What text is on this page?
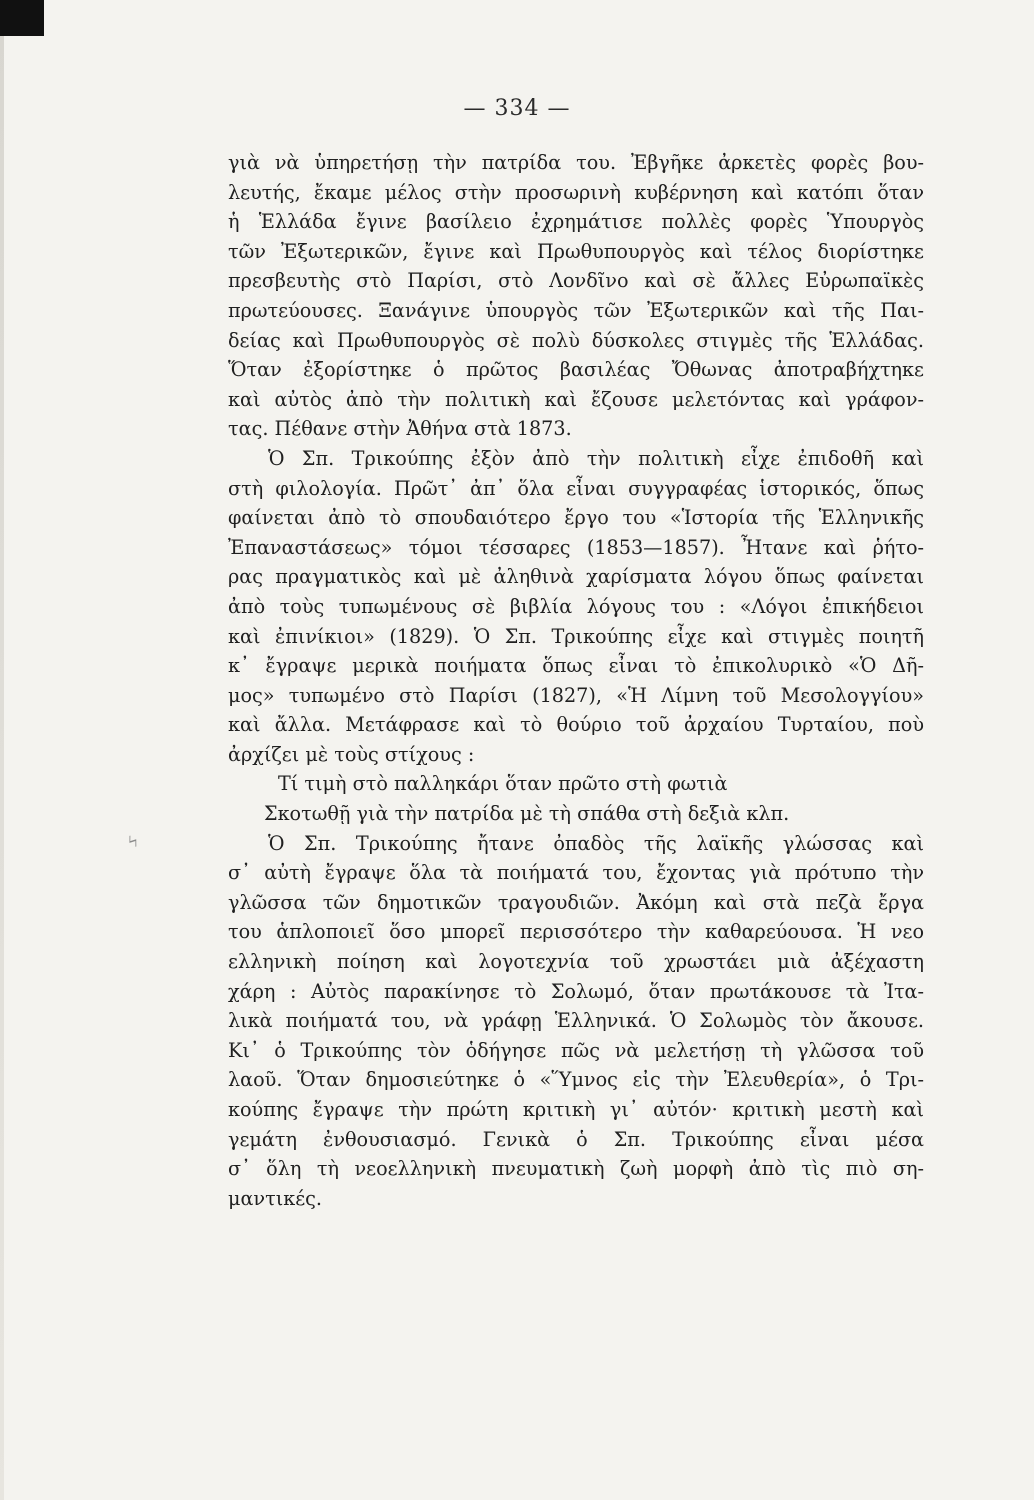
— 334 —
γιὰ νὰ ὑπηρετήσῃ τὴν πατρίδα του. Ἐβγῆκε ἀρκετὲς φορὲς βου-
λευτής, ἔκαμε μέλος στὴν προσωρινὴ κυβέρνηση καὶ κατόπι ὅταν
ἡ Ἑλλάδα ἔγινε βασίλειο ἐχρημάτισε πολλὲς φορὲς Ὑπουργὸς
τῶν Ἐξωτερικῶν, ἔγινε καὶ Πρωθυπουργὸς καὶ τέλος διορίστηκε
πρεσβευτὴς στὸ Παρίσι, στὸ Λονδῖνο καὶ σὲ ἄλλες Εὐρωπαϊκὲς
πρωτεύουσες. Ξανάγινε ὑπουργὸς τῶν Ἐξωτερικῶν καὶ τῆς Παι-
δείας καὶ Πρωθυπουργὸς σὲ πολὺ δύσκολες στιγμὲς τῆς Ἑλλάδας.
Ὅταν ἐξορίστηκε ὁ πρῶτος βασιλέας Ὄθωνας ἀποτραβήχτηκε
καὶ αὐτὸς ἀπὸ τὴν πολιτικὴ καὶ ἔζουσε μελετόντας καὶ γράφον-
τας. Πέθανε στὴν Ἀθήνα στὰ 1873.
Ὁ Σπ. Τρικούπης ἐξὸν ἀπὸ τὴν πολιτικὴ εἶχε ἐπιδοθῆ καὶ
στὴ φιλολογία. Πρῶτ᾽ ἀπ᾽ ὅλα εἶναι συγγραφέας ἱστορικός, ὅπως
φαίνεται ἀπὸ τὸ σπουδαιότερο ἔργο του «Ἱστορία τῆς Ἑλληνικῆς
Ἐπαναστάσεως» τόμοι τέσσαρες (1853—1857). Ἦτανε καὶ ῥήτο-
ρας πραγματικὸς καὶ μὲ ἀληθινὰ χαρίσματα λόγου ὅπως φαίνεται
ἀπὸ τοὺς τυπωμένους σὲ βιβλία λόγους του : «Λόγοι ἐπικήδειοι
καὶ ἐπινίκιοι» (1829). Ὁ Σπ. Τρικούπης εἶχε καὶ στιγμὲς ποιητῆ
κ᾽ ἔγραψε μερικὰ ποιήματα ὅπως εἶναι τὸ ἐπικολυρικὸ «Ὁ Δῆ-
μος» τυπωμένο στὸ Παρίσι (1827), «Ἡ Λίμνη τοῦ Μεσολογγίου»
καὶ ἄλλα. Μετάφρασε καὶ τὸ θούριο τοῦ ἀρχαίου Τυρταίου, ποὺ
ἀρχίζει μὲ τοὺς στίχους :
Τί τιμὴ στὸ παλληκάρι ὅταν πρῶτο στὴ φωτιὰ
Σκοτωθῇ γιὰ τὴν πατρίδα μὲ τὴ σπάθα στὴ δεξιὰ κλπ.
Ὁ Σπ. Τρικούπης ἤτανε ὀπαδὸς τῆς λαϊκῆς γλώσσας καὶ
σ᾽ αὐτὴ ἔγραψε ὅλα τὰ ποιήματά του, ἔχοντας γιὰ πρότυπο τὴν
γλῶσσα τῶν δημοτικῶν τραγουδιῶν. Ἀκόμη καὶ στὰ πεζὰ ἔργα
του ἁπλοποιεῖ ὅσο μπορεῖ περισσότερο τὴν καθαρεύουσα. Ἡ νεο
ελληνικὴ ποίηση καὶ λογοτεχνία τοῦ χρωστάει μιὰ ἀξέχαστη
χάρη : Αὐτὸς παρακίνησε τὸ Σολωμό, ὅταν πρωτάκουσε τὰ Ἰτα-
λικὰ ποιήματά του, νὰ γράφῃ Ἑλληνικά. Ὁ Σολωμὸς τὸν ἄκουσε.
Κι᾽ ὁ Τρικούπης τὸν ὁδήγησε πῶς νὰ μελετήσῃ τὴ γλῶσσα τοῦ
λαοῦ. Ὅταν δημοσιεύτηκε ὁ «Ὕμνος εἰς τὴν Ἐλευθερία», ὁ Τρι-
κούπης ἔγραψε τὴν πρώτη κριτικὴ γι᾽ αὐτόν· κριτικὴ μεστὴ καὶ
γεμάτη ἐνθουσιασμό. Γενικὰ ὁ Σπ. Τρικούπης εἶναι μέσα
σ᾽ ὅλη τὴ νεοελληνικὴ πνευματικὴ ζωὴ μορφὴ ἀπὸ τὶς πιὸ ση-
μαντικές.
ϟ
